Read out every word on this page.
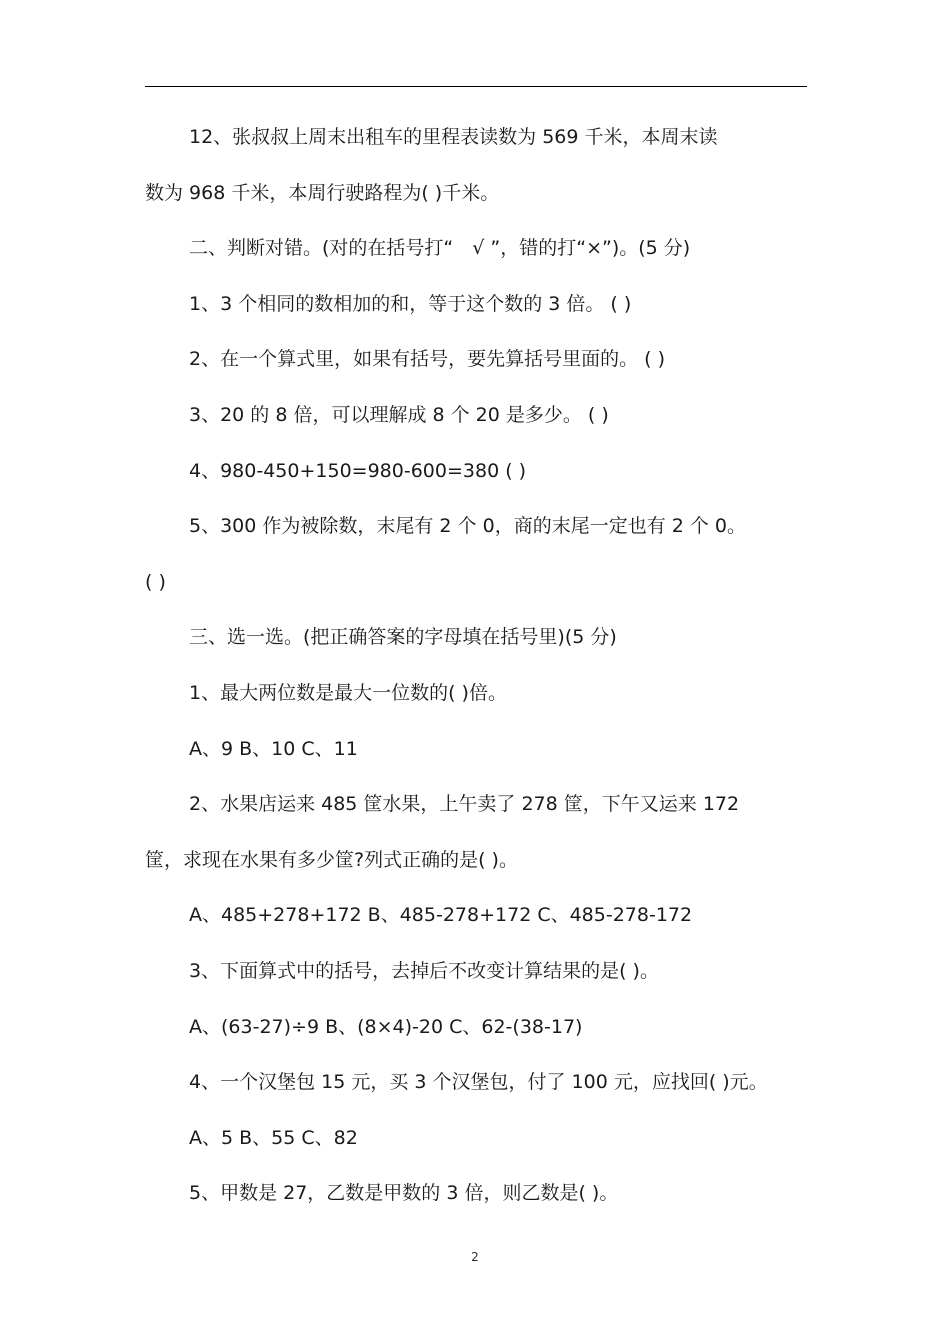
12、张叔叔上周末出租车的里程表读数为 569 千米，本周末读
数为 968 千米，本周行驶路程为( )千米。
二、判断对错。(对的在括号打“　√ ”，错的打“×”)。(5 分)
1、3 个相同的数相加的和，等于这个数的 3 倍。 ( )
2、在一个算式里，如果有括号，要先算括号里面的。 ( )
3、20 的 8 倍，可以理解成 8 个 20 是多少。 ( )
4、980-450+150=980-600=380 ( )
5、300 作为被除数，末尾有 2 个 0，商的末尾一定也有 2 个 0。
( )
三、选一选。(把正确答案的字母填在括号里)(5 分)
1、最大两位数是最大一位数的( )倍。
A、9 B、10 C、11
2、水果店运来 485 筐水果，上午卖了 278 筐，下午又运来 172
筐，求现在水果有多少筐?列式正确的是( )。
A、485+278+172 B、485-278+172 C、485-278-172
3、下面算式中的括号，去掉后不改变计算结果的是( )。
A、(63-27)÷9 B、(8×4)-20 C、62-(38-17)
4、一个汉堡包 15 元，买 3 个汉堡包，付了 100 元，应找回( )元。
A、5 B、55 C、82
5、甲数是 27，乙数是甲数的 3 倍，则乙数是( )。
2
